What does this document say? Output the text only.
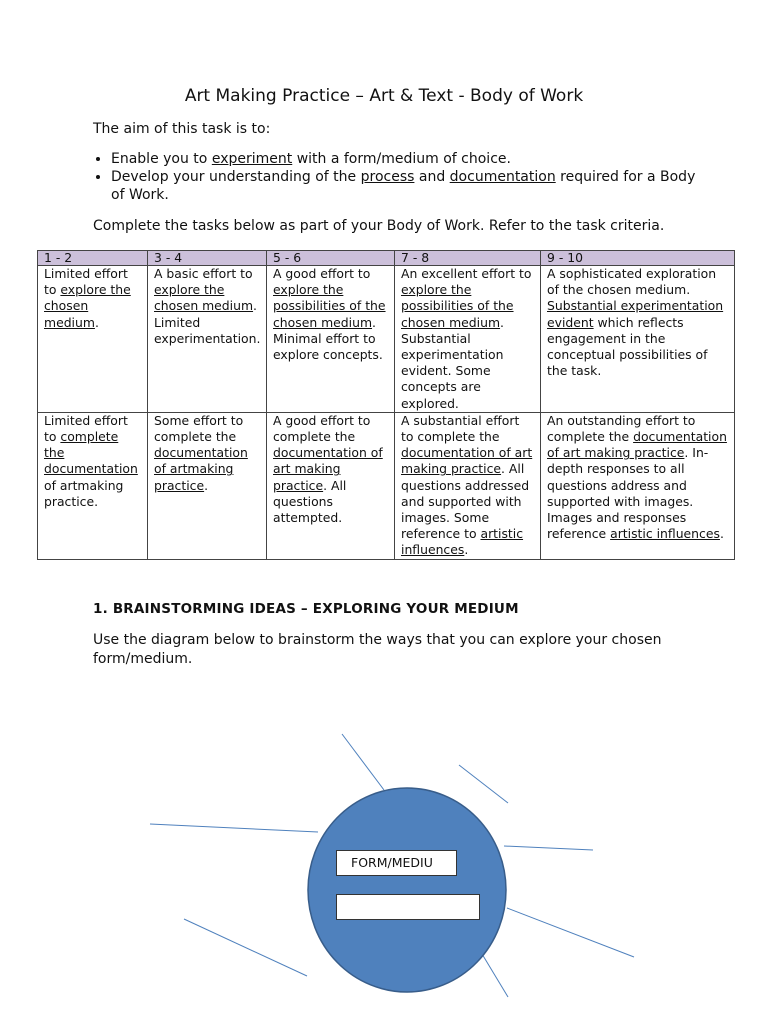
Art Making Practice – Art & Text - Body of Work
The aim of this task is to:
• Enable you to experiment with a form/medium of choice.
• Develop your understanding of the process and documentation required for a Body of Work.
Complete the tasks below as part of your Body of Work. Refer to the task criteria.
1 - 2	3 - 4	5 - 6	7 - 8	9 - 10
Limited effort to explore the chosen medium.	A basic effort to explore the chosen medium. Limited experimentation.	A good effort to explore the possibilities of the chosen medium. Minimal effort to explore concepts.	An excellent effort to explore the possibilities of the chosen medium. Substantial experimentation evident. Some concepts are explored.	A sophisticated exploration of the chosen medium. Substantial experimentation evident which reflects engagement in the conceptual possibilities of the task.
Limited effort to complete the documentation of artmaking practice.	Some effort to complete the documentation of artmaking practice.	A good effort to complete the documentation of art making practice. All questions attempted.	A substantial effort to complete the documentation of art making practice. All questions addressed and supported with images. Some reference to artistic influences.	An outstanding effort to complete the documentation of art making practice. In-depth responses to all questions address and supported with images. Images and responses reference artistic influences.
1. BRAINSTORMING IDEAS – EXPLORING YOUR MEDIUM
Use the diagram below to brainstorm the ways that you can explore your chosen form/medium.
FORM/MEDIU
